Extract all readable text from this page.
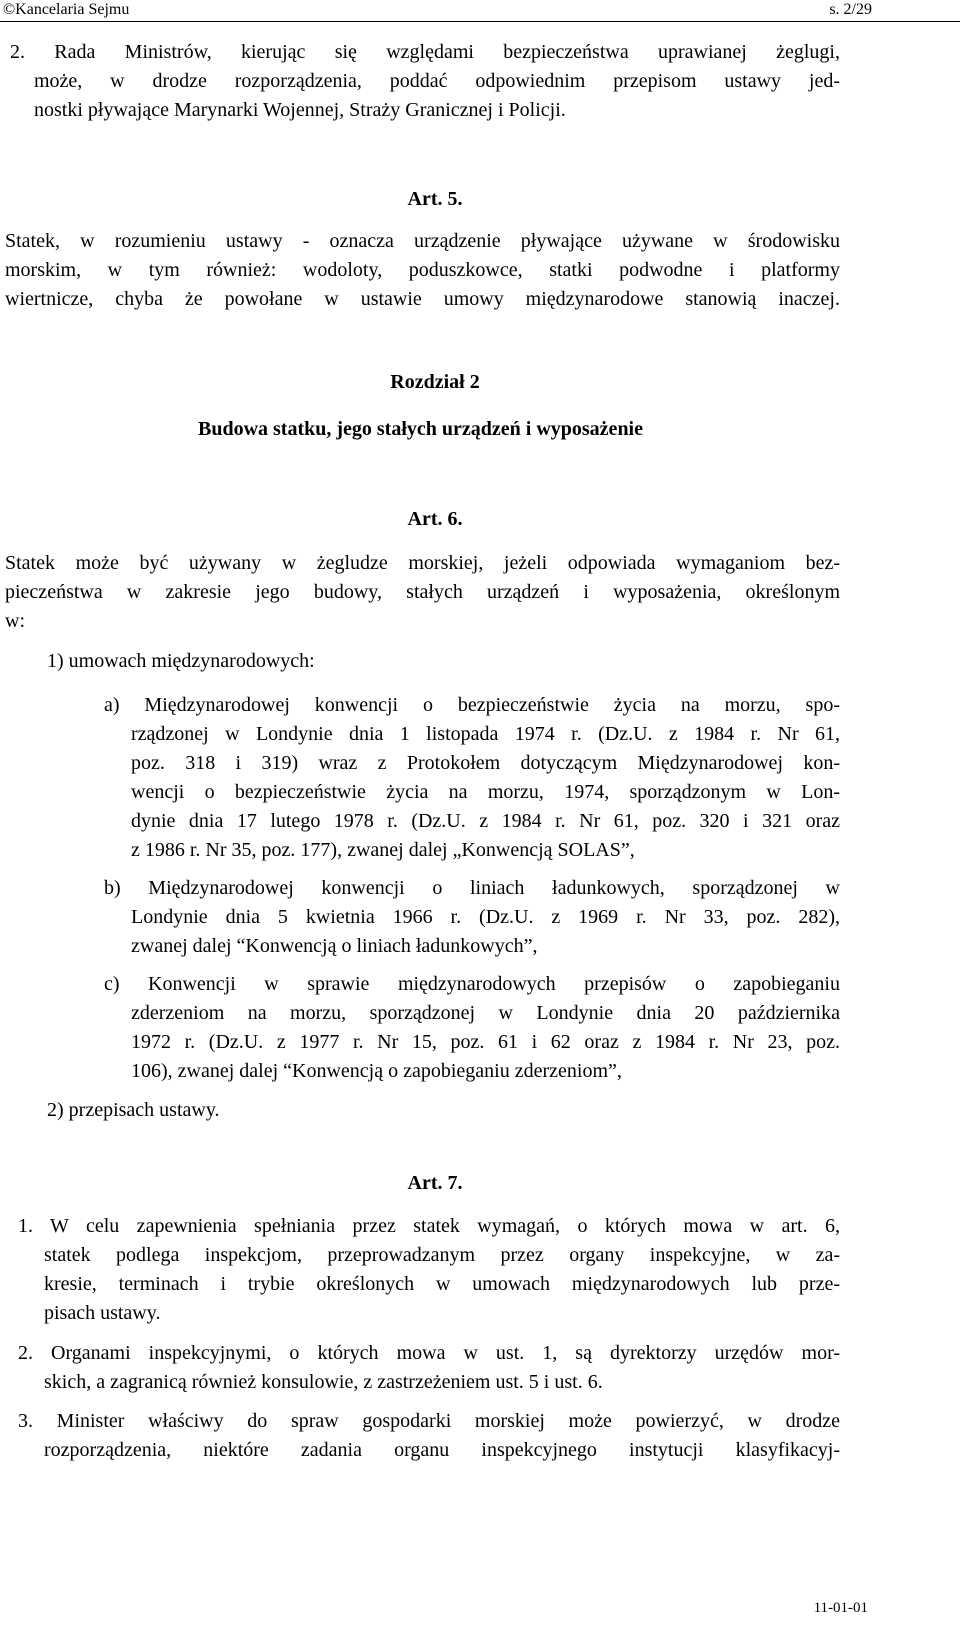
©Kancelaria Sejmu	s. 2/29
2. Rada Ministrów, kierując się względami bezpieczeństwa uprawianej żeglugi,
może, w drodze rozporządzenia, poddać odpowiednim przepisom ustawy jed-
nostki pływające Marynarki Wojennej, Straży Granicznej i Policji.
Art. 5.
Statek, w rozumieniu ustawy - oznacza urządzenie pływające używane w środowisku
morskim, w tym również: wodoloty, poduszkowce, statki podwodne i platformy
wiertnicze, chyba że powołane w ustawie umowy międzynarodowe stanowią inaczej.
Rozdział 2
Budowa statku, jego stałych urządzeń i wyposażenie
Art. 6.
Statek może być używany w żegludze morskiej, jeżeli odpowiada wymaganiom bez-
pieczeństwa w zakresie jego budowy, stałych urządzeń i wyposażenia, określonym
w:
1) umowach międzynarodowych:
a) Międzynarodowej konwencji o bezpieczeństwie życia na morzu, spo-
rządzonej w Londynie dnia 1 listopada 1974 r. (Dz.U. z 1984 r. Nr 61,
poz. 318 i 319) wraz z Protokołem dotyczącym Międzynarodowej kon-
wencji o bezpieczeństwie życia na morzu, 1974, sporządzonym w Lon-
dynie dnia 17 lutego 1978 r. (Dz.U. z 1984 r. Nr 61, poz. 320 i 321 oraz
z 1986 r. Nr 35, poz. 177), zwanej dalej „Konwencją SOLAS”,
b) Międzynarodowej konwencji o liniach ładunkowych, sporządzonej w
Londynie dnia 5 kwietnia 1966 r. (Dz.U. z 1969 r. Nr 33, poz. 282),
zwanej dalej “Konwencją o liniach ładunkowych”,
c) Konwencji w sprawie międzynarodowych przepisów o zapobieganiu
zderzeniom na morzu, sporządzonej w Londynie dnia 20 października
1972 r. (Dz.U. z 1977 r. Nr 15, poz. 61 i 62 oraz z 1984 r. Nr 23, poz.
106), zwanej dalej “Konwencją o zapobieganiu zderzeniom”,
2) przepisach ustawy.
Art. 7.
1. W celu zapewnienia spełniania przez statek wymagań, o których mowa w art. 6,
statek podlega inspekcjom, przeprowadzanym przez organy inspekcyjne, w za-
kresie, terminach i trybie określonych w umowach międzynarodowych lub prze-
pisach ustawy.
2. Organami inspekcyjnymi, o których mowa w ust. 1, są dyrektorzy urzędów mor-
skich, a zagranicą również konsulowie, z zastrzeżeniem ust. 5 i ust. 6.
3. Minister właściwy do spraw gospodarki morskiej może powierzyć, w drodze
rozporządzenia, niektóre zadania organu inspekcyjnego instytucji klasyfikacyj-
11-01-01
